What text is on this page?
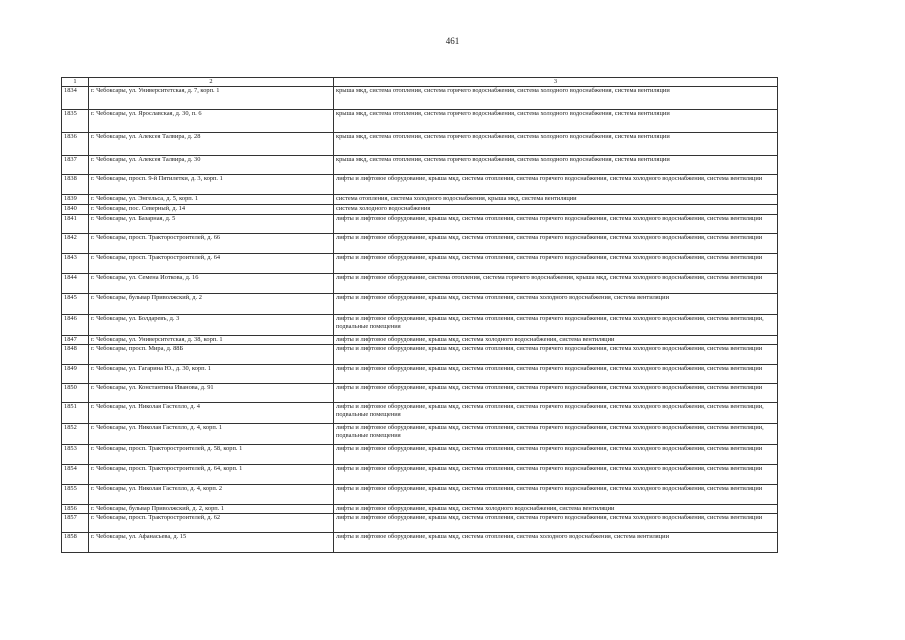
461
1	2	3
1834	г. Чебоксары, ул. Университетская, д. 7, корп. 1	крыша мкд, система отопления, система горячего водоснабжения, система холодного водоснабжения, система вентиляции
1835	г. Чебоксары, ул. Ярославская, д. 30, п. 6	крыша мкд, система отопления, система горячего водоснабжения, система холодного водоснабжения, система вентиляции
1836	г. Чебоксары, ул. Алексея Талвира, д. 28	крыша мкд, система отопления, система горячего водоснабжения, система холодного водоснабжения, система вентиляции
1837	г. Чебоксары, ул. Алексея Талвира, д. 30	крыша мкд, система отопления, система горячего водоснабжения, система холодного водоснабжения, система вентиляции
1838	г. Чебоксары, просп. 9-й Пятилетки, д. 3, корп. 1	лифты и лифтовое оборудование, крыша мкд, система отопления, система горячего водоснабжения, система холодного водоснабжения, система вентиляции
1839	г. Чебоксары, ул. Энгельса, д. 5, корп. 1	система отопления, система холодного водоснабжения, крыша мкд, система вентиляции
1840	г. Чебоксары, пос. Северный, д. 14	система холодного водоснабжения
1841	г. Чебоксары, ул. Базарная, д. 5	лифты и лифтовое оборудование, крыша мкд, система отопления, система горячего водоснабжения, система холодного водоснабжения, система вентиляции
1842	г. Чебоксары, просп. Тракторостроителей, д. 66	лифты и лифтовое оборудование, крыша мкд, система отопления, система горячего водоснабжения, система холодного водоснабжения, система вентиляции
1843	г. Чебоксары, просп. Тракторостроителей, д. 64	лифты и лифтовое оборудование, крыша мкд, система отопления, система горячего водоснабжения, система холодного водоснабжения, система вентиляции
1844	г. Чебоксары, ул. Семена Иоткова, д. 16	лифты и лифтовое оборудование, система отопления, система горячего водоснабжения, крыша мкд, система холодного водоснабжения, система вентиляции
1845	г. Чебоксары, бульвар Приволжский, д. 2	лифты и лифтовое оборудование, крыша мкд, система отопления, система холодного водоснабжения, система вентиляции
1846	г. Чебоксары, ул. Болдаревъ, д. 3	лифты и лифтовое оборудование, крыша мкд, система отопления, система горячего водоснабжения, система холодного водоснабжения, система вентиляции, подвальные помещения
1847	г. Чебоксары, ул. Университетская, д. 38, корп. 1	лифты и лифтовое оборудование, крыша мкд, система холодного водоснабжения, система вентиляции
1848	г. Чебоксары, просп. Мира, д. 88Б	лифты и лифтовое оборудование, крыша мкд, система отопления, система горячего водоснабжения, система холодного водоснабжения, система вентиляции
1849	г. Чебоксары, ул. Гагарина Ю., д. 30, корп. 1	лифты и лифтовое оборудование, крыша мкд, система отопления, система горячего водоснабжения, система холодного водоснабжения, система вентиляции
1850	г. Чебоксары, ул. Константина Иванова, д. 91	лифты и лифтовое оборудование, крыша мкд, система отопления, система горячего водоснабжения, система холодного водоснабжения, система вентиляции
1851	г. Чебоксары, ул. Николая Гастелло, д. 4	лифты и лифтовое оборудование, крыша мкд, система отопления, система горячего водоснабжения, система холодного водоснабжения, система вентиляции, подвальные помещения
1852	г. Чебоксары, ул. Николая Гастелло, д. 4, корп. 1	лифты и лифтовое оборудование, крыша мкд, система отопления, система горячего водоснабжения, система холодного водоснабжения, система вентиляции, подвальные помещения
1853	г. Чебоксары, просп. Тракторостроителей, д. 58, корп. 1	лифты и лифтовое оборудование, крыша мкд, система отопления, система горячего водоснабжения, система холодного водоснабжения, система вентиляции
1854	г. Чебоксары, просп. Тракторостроителей, д. 64, корп. 1	лифты и лифтовое оборудование, крыша мкд, система отопления, система горячего водоснабжения, система холодного водоснабжения, система вентиляции
1855	г. Чебоксары, ул. Николая Гастелло, д. 4, корп. 2	лифты и лифтовое оборудование, крыша мкд, система отопления, система горячего водоснабжения, система холодного водоснабжения, система вентиляции
1856	г. Чебоксары, бульвар Приволжский, д. 2, корп. 1	лифты и лифтовое оборудование, крыша мкд, система холодного водоснабжения, система вентиляции
1857	г. Чебоксары, просп. Тракторостроителей, д. 62	лифты и лифтовое оборудование, крыша мкд, система отопления, система горячего водоснабжения, система холодного водоснабжения, система вентиляции
1858	г. Чебоксары, ул. Афанасьева, д. 15	лифты и лифтовое оборудование, крыша мкд, система отопления, система холодного водоснабжения, система вентиляции
